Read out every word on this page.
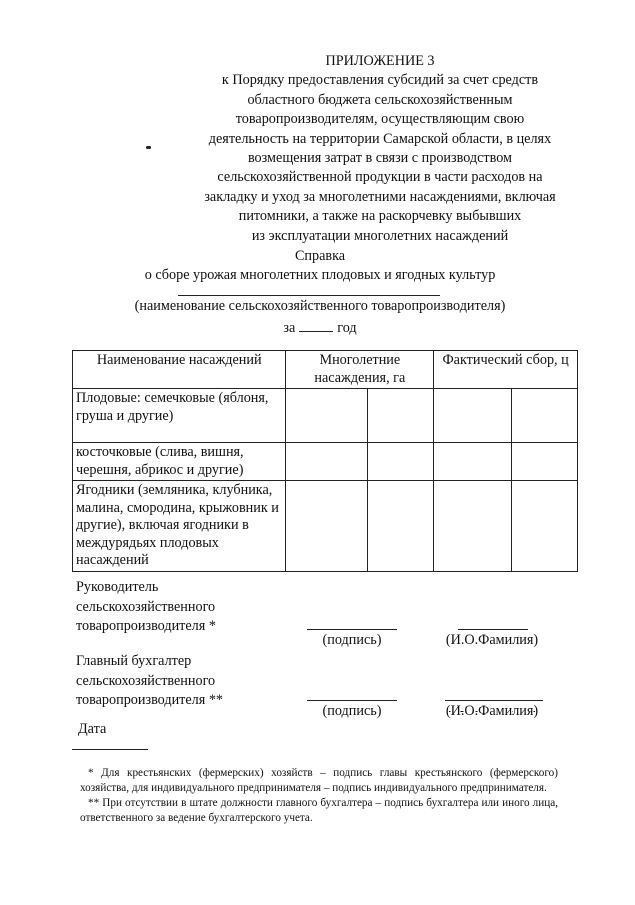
ПРИЛОЖЕНИЕ 3
к Порядку предоставления субсидий за счет средств
областного бюджета сельскохозяйственным
товаропроизводителям, осуществляющим свою
деятельность на территории Самарской области, в целях
возмещения затрат в связи с производством
сельскохозяйственной продукции в части расходов на
закладку и уход за многолетними насаждениями, включая
питомники, а также на раскорчевку выбывших
из эксплуатации многолетних насаждений
Справка
о сборе урожая многолетних плодовых и ягодных культур
(наименование сельскохозяйственного товаропроизводителя)
за	год
Наименование насаждений	Многолетние насаждения, га		Фактический сбор, ц	
Плодовые: семечковые (яблоня, груша и другие)				
косточковые (слива, вишня, черешня, абрикос и другие)				
Ягодники (земляника, клубника, малина, смородина, крыжовник и другие), включая ягодники в междурядьях плодовых насаждений				
Руководитель сельскохозяйственного товаропроизводителя *
(подпись)	(И.О.Фамилия)
Главный бухгалтер сельскохозяйственного товаропроизводителя **
(подпись)	(И.О.Фамилия)
Дата

* Для крестьянских (фермерских) хозяйств – подпись главы крестьянского (фермерского) хозяйства, для индивидуального предпринимателя – подпись индивидуального предпринимателя.

** При отсутствии в штате должности главного бухгалтера – подпись бухгалтера или иного лица, ответственного за ведение бухгалтерского учета.
